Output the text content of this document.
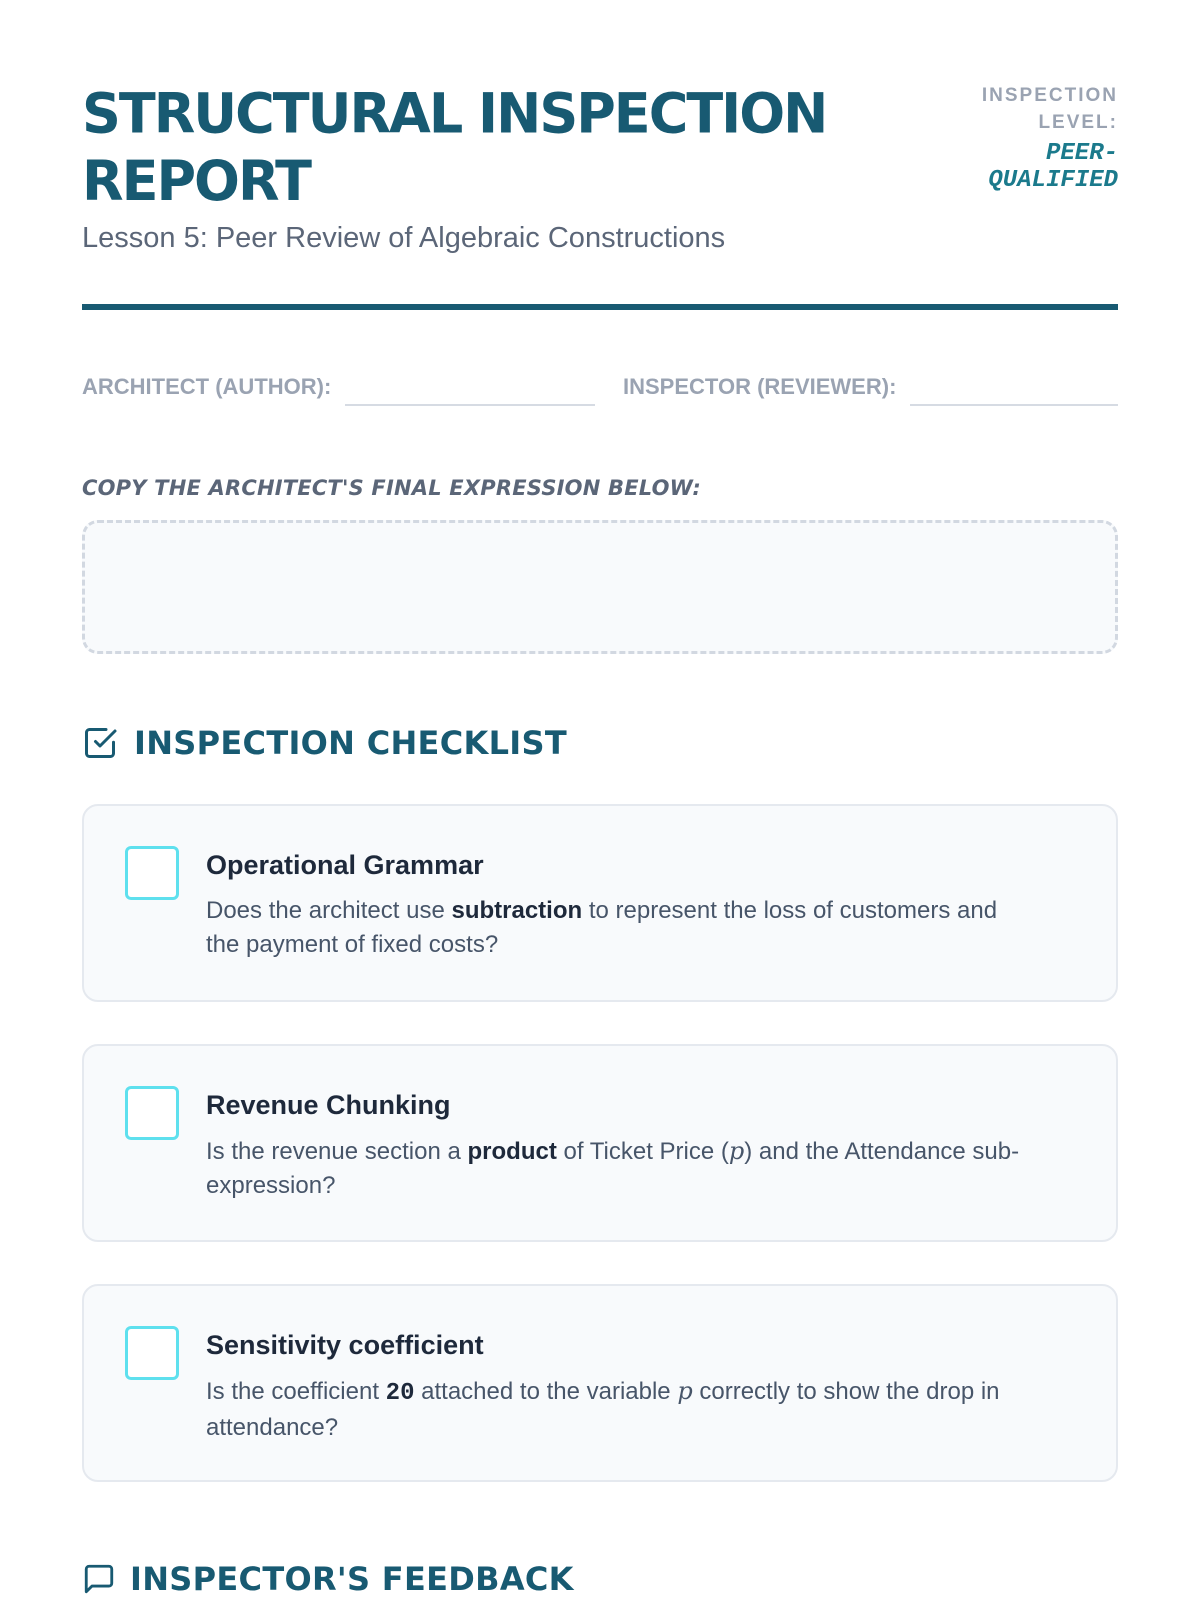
STRUCTURAL INSPECTION REPORT
Lesson 5: Peer Review of Algebraic Constructions
INSPECTION LEVEL:
PEER-QUALIFIED
ARCHITECT (AUTHOR):	INSPECTOR (REVIEWER):
COPY THE ARCHITECT'S FINAL EXPRESSION BELOW:
INSPECTION CHECKLIST
Operational Grammar
Does the architect use subtraction to represent the loss of customers and the payment of fixed costs?
Revenue Chunking
Is the revenue section a product of Ticket Price (p) and the Attendance sub-expression?
Sensitivity coefficient
Is the coefficient 20 attached to the variable p correctly to show the drop in attendance?
INSPECTOR'S FEEDBACK
